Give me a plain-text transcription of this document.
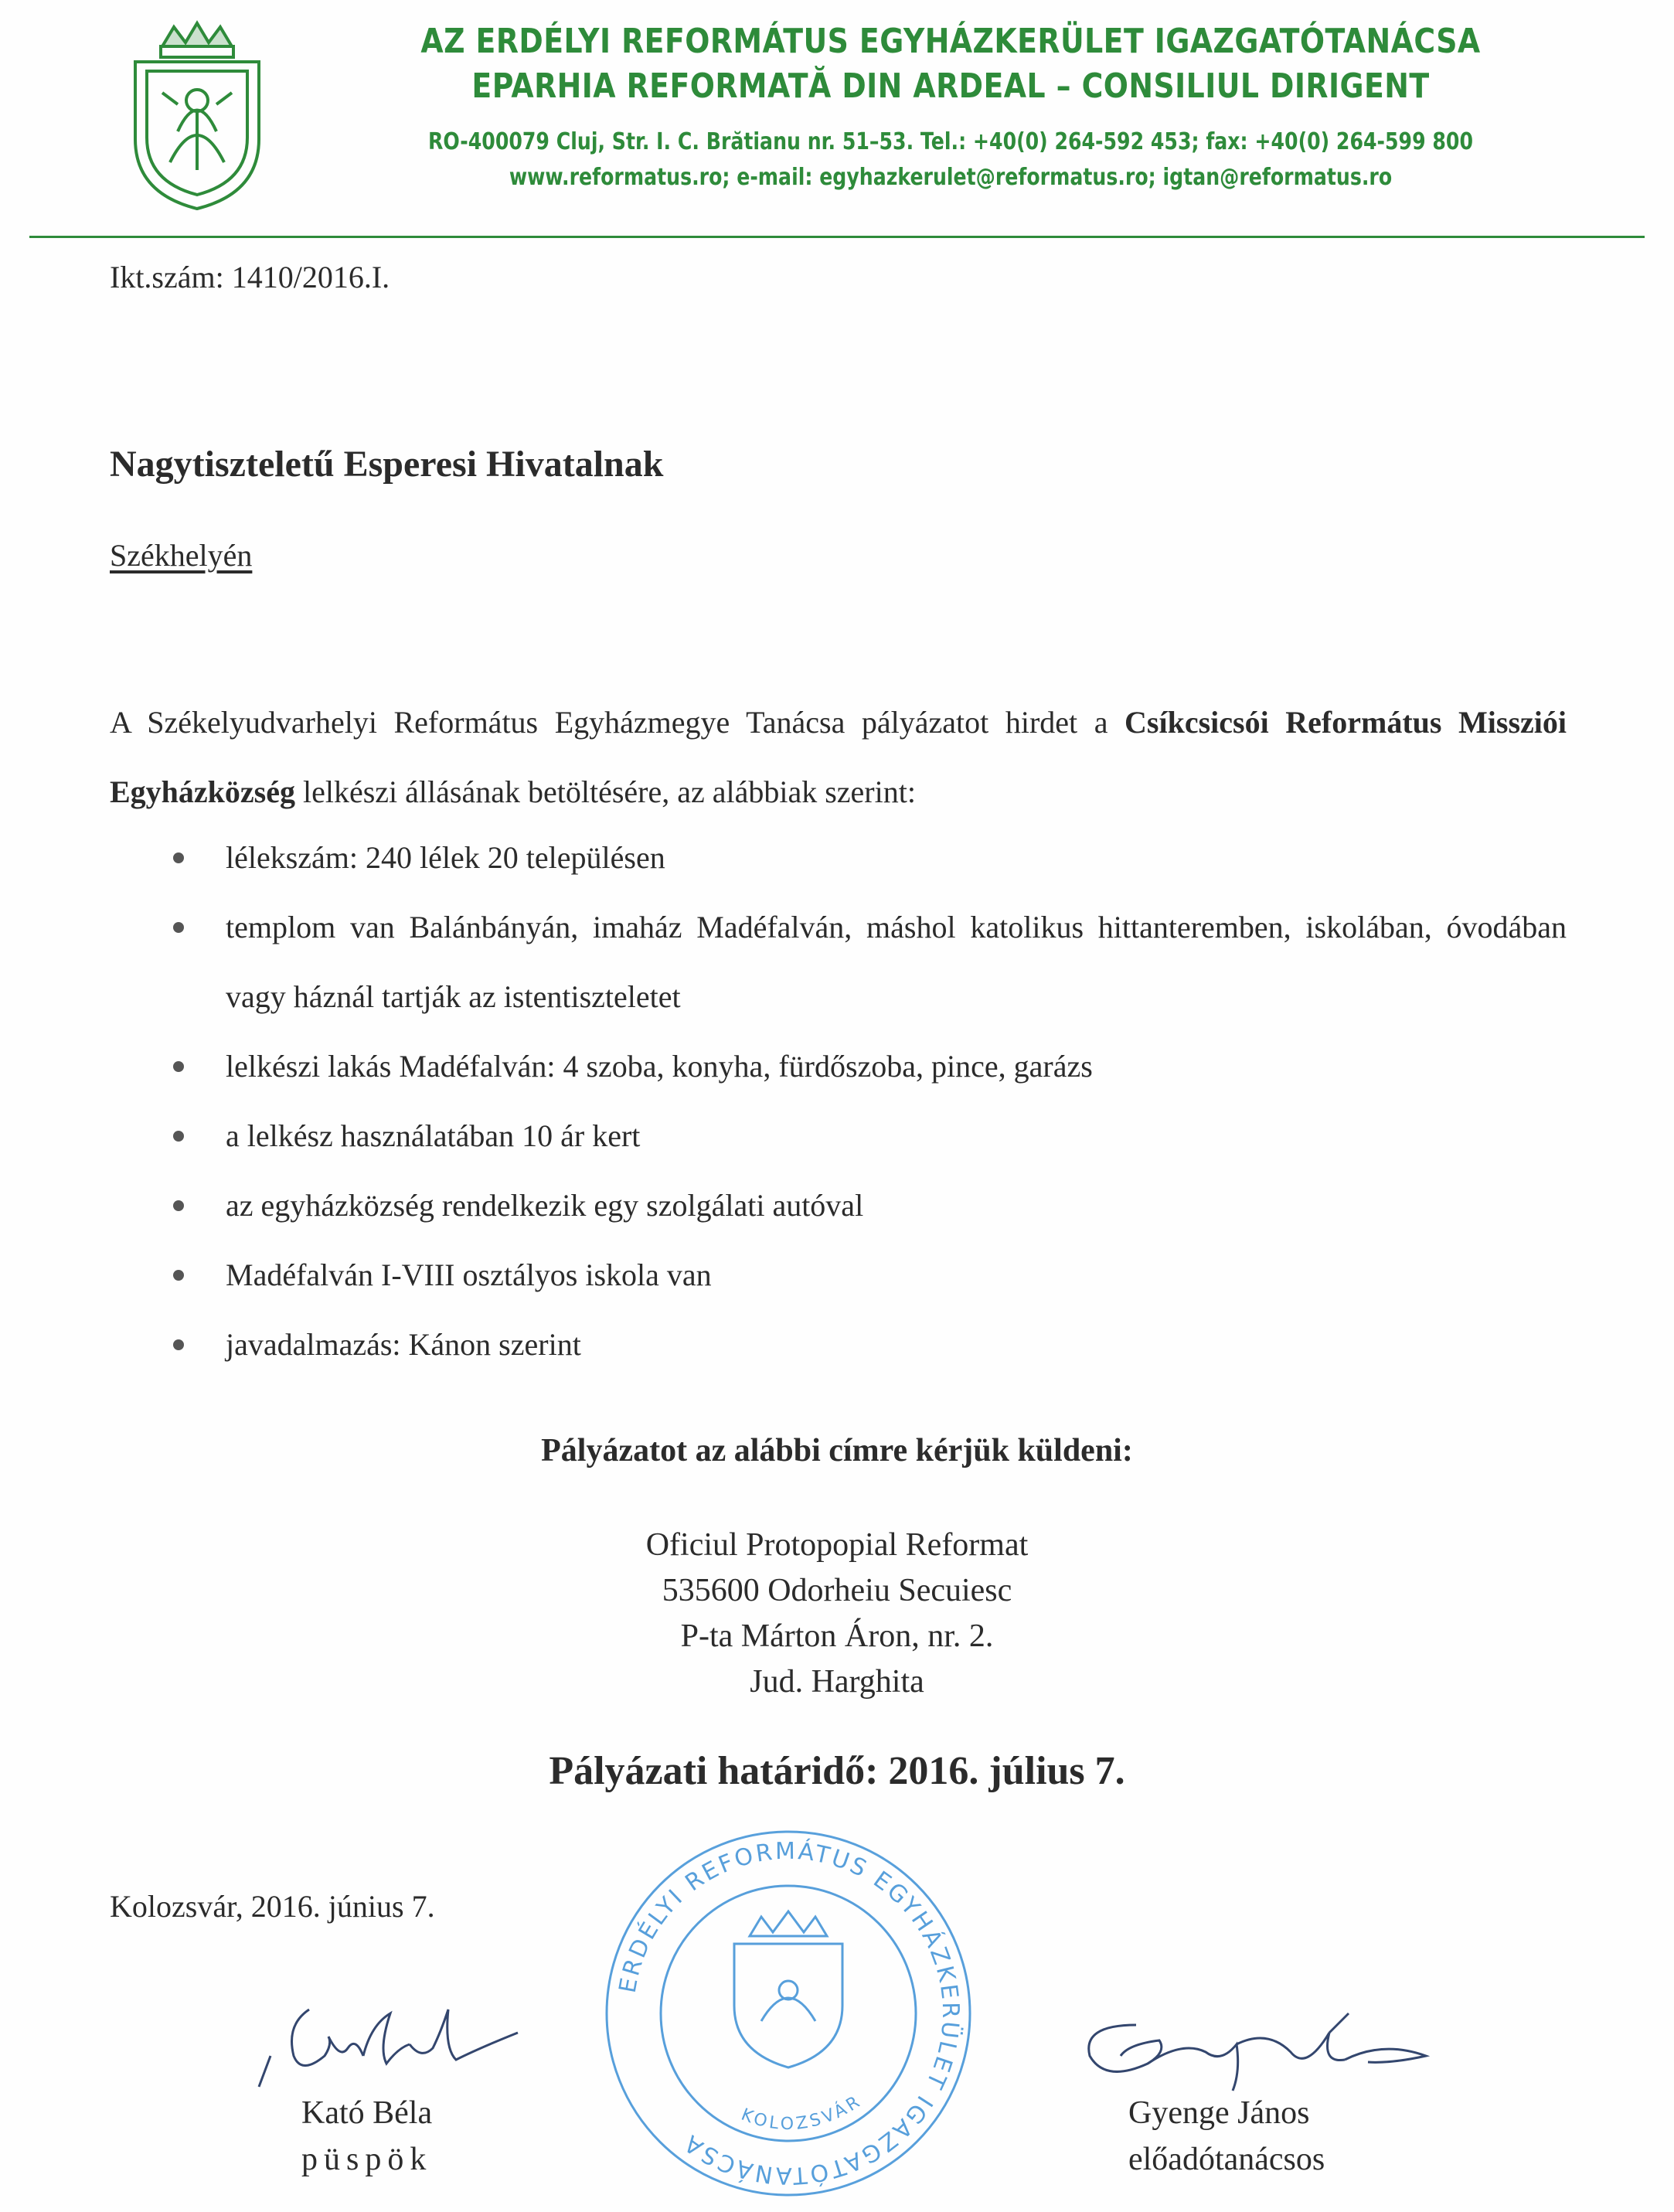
AZ ERDÉLYI REFORMÁTUS EGYHÁZKERÜLET IGAZGATÓTANÁCSA
EPARHIA REFORMATĂ DIN ARDEAL – CONSILIUL DIRIGENT
RO-400079 Cluj, Str. I. C. Brătianu nr. 51–53. Tel.: +40(0) 264-592 453; fax: +40(0) 264-599 800
www.reformatus.ro; e-mail: egyhazkerulet@reformatus.ro; igtan@reformatus.ro
Ikt.szám: 1410/2016.I.
Nagytiszteletű Esperesi Hivatalnak
Székhelyén
A Székelyudvarhelyi Református Egyházmegye Tanácsa pályázatot hirdet a Csíkcsicsói Református Missziói Egyházközség lelkészi állásának betöltésére, az alábbiak szerint:
lélekszám: 240 lélek 20 településen
templom van Balánbányán, imaház Madéfalván, máshol katolikus hittanteremben, iskolában, óvodában vagy háznál tartják az istentiszteletet
lelkészi lakás Madéfalván: 4 szoba, konyha, fürdőszoba, pince, garázs
a lelkész használatában 10 ár kert
az egyházközség rendelkezik egy szolgálati autóval
Madéfalván I-VIII osztályos iskola van
javadalmazás: Kánon szerint
Pályázatot az alábbi címre kérjük küldeni:
Oficiul Protopopial Reformat
535600 Odorheiu Secuiesc
P-ta Márton Áron, nr. 2.
Jud. Harghita
Pályázati határidő: 2016. július 7.
Kolozsvár, 2016. június 7.
ERDÉLYI REFORMÁTUS EGYHÁZKERÜLET IGAZGATÓTANÁCSA
KOLOZSVÁR
Kató Béla
püspök
Gyenge János
előadótanácsos
